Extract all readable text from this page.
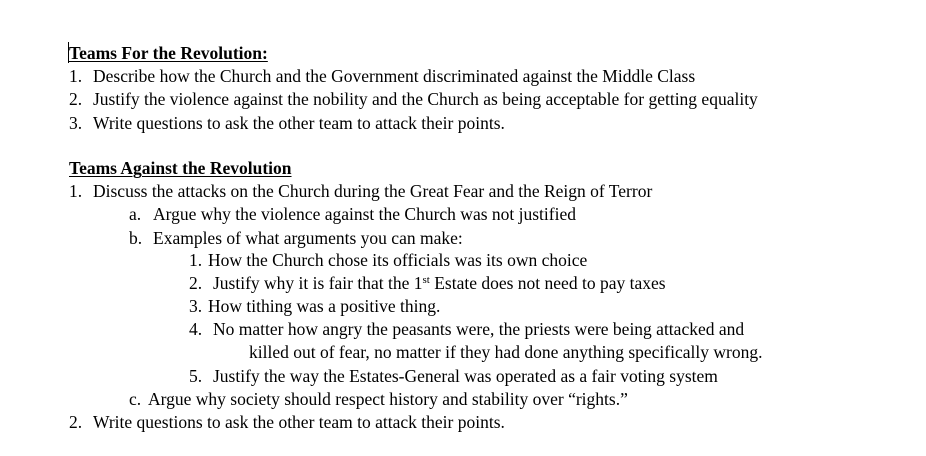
Teams For the Revolution:
1. Describe how the Church and the Government discriminated against the Middle Class
2. Justify the violence against the nobility and the Church as being acceptable for getting equality
3. Write questions to ask the other team to attack their points.
Teams Against the Revolution
1. Discuss the attacks on the Church during the Great Fear and the Reign of Terror
a. Argue why the violence against the Church was not justified
b. Examples of what arguments you can make:
1. How the Church chose its officials was its own choice
2. Justify why it is fair that the 1st Estate does not need to pay taxes
3. How tithing was a positive thing.
4. No matter how angry the peasants were, the priests were being attacked and
killed out of fear, no matter if they had done anything specifically wrong.
5. Justify the way the Estates-General was operated as a fair voting system
c. Argue why society should respect history and stability over “rights.”
2. Write questions to ask the other team to attack their points.
